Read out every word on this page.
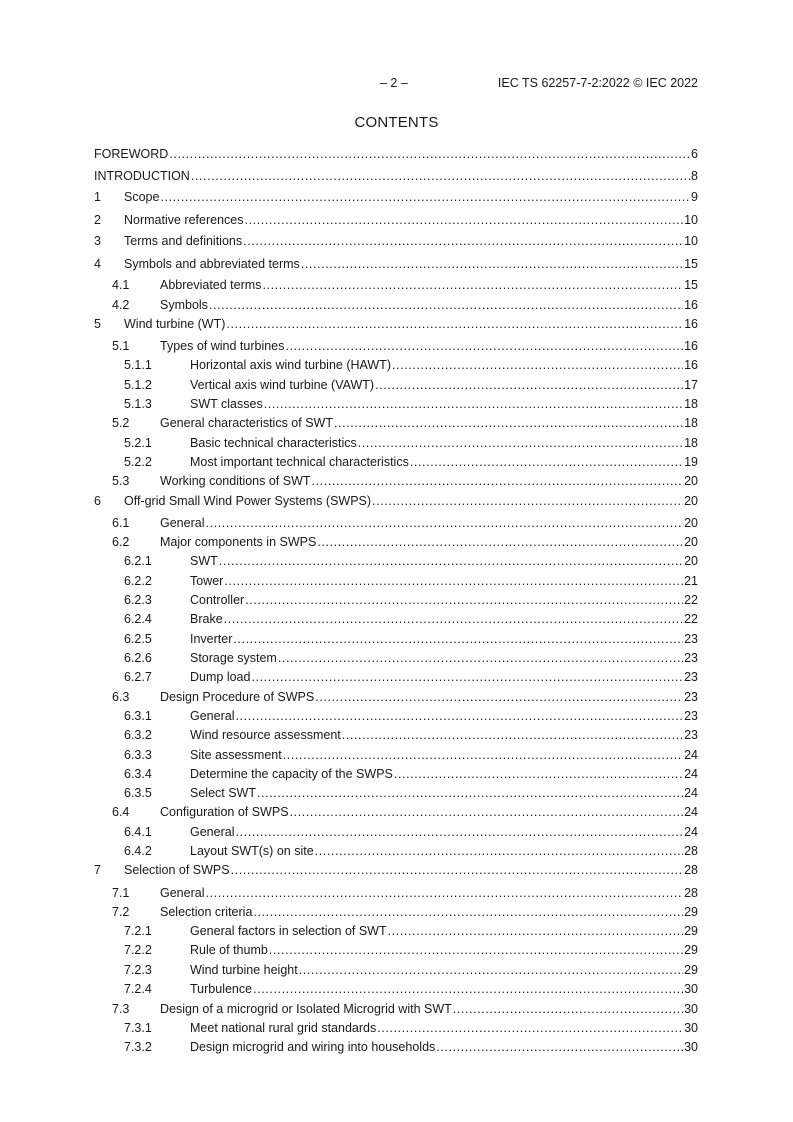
– 2 –	IEC TS 62257-7-2:2022 © IEC 2022
CONTENTS
FOREWORD .....	6
INTRODUCTION .....	8
1	Scope .....	9
2	Normative references .....	10
3	Terms and definitions .....	10
4	Symbols and abbreviated terms .....	15
4.1	Abbreviated terms .....	15
4.2	Symbols .....	16
5	Wind turbine (WT) .....	16
5.1	Types of wind turbines .....	16
5.1.1	Horizontal axis wind turbine (HAWT) .....	16
5.1.2	Vertical axis wind turbine (VAWT) .....	17
5.1.3	SWT classes .....	18
5.2	General characteristics of SWT .....	18
5.2.1	Basic technical characteristics .....	18
5.2.2	Most important technical characteristics .....	19
5.3	Working conditions of SWT .....	20
6	Off-grid Small Wind Power Systems (SWPS) .....	20
6.1	General .....	20
6.2	Major components in SWPS .....	20
6.2.1	SWT .....	20
6.2.2	Tower .....	21
6.2.3	Controller .....	22
6.2.4	Brake .....	22
6.2.5	Inverter .....	23
6.2.6	Storage system .....	23
6.2.7	Dump load .....	23
6.3	Design Procedure of SWPS .....	23
6.3.1	General .....	23
6.3.2	Wind resource assessment .....	23
6.3.3	Site assessment .....	24
6.3.4	Determine the capacity of the SWPS .....	24
6.3.5	Select SWT .....	24
6.4	Configuration of SWPS .....	24
6.4.1	General .....	24
6.4.2	Layout SWT(s) on site .....	28
7	Selection of SWPS .....	28
7.1	General .....	28
7.2	Selection criteria .....	29
7.2.1	General factors in selection of SWT .....	29
7.2.2	Rule of thumb .....	29
7.2.3	Wind turbine height .....	29
7.2.4	Turbulence .....	30
7.3	Design of a microgrid or Isolated Microgrid with SWT .....	30
7.3.1	Meet national rural grid standards .....	30
7.3.2	Design microgrid and wiring into households .....	30
